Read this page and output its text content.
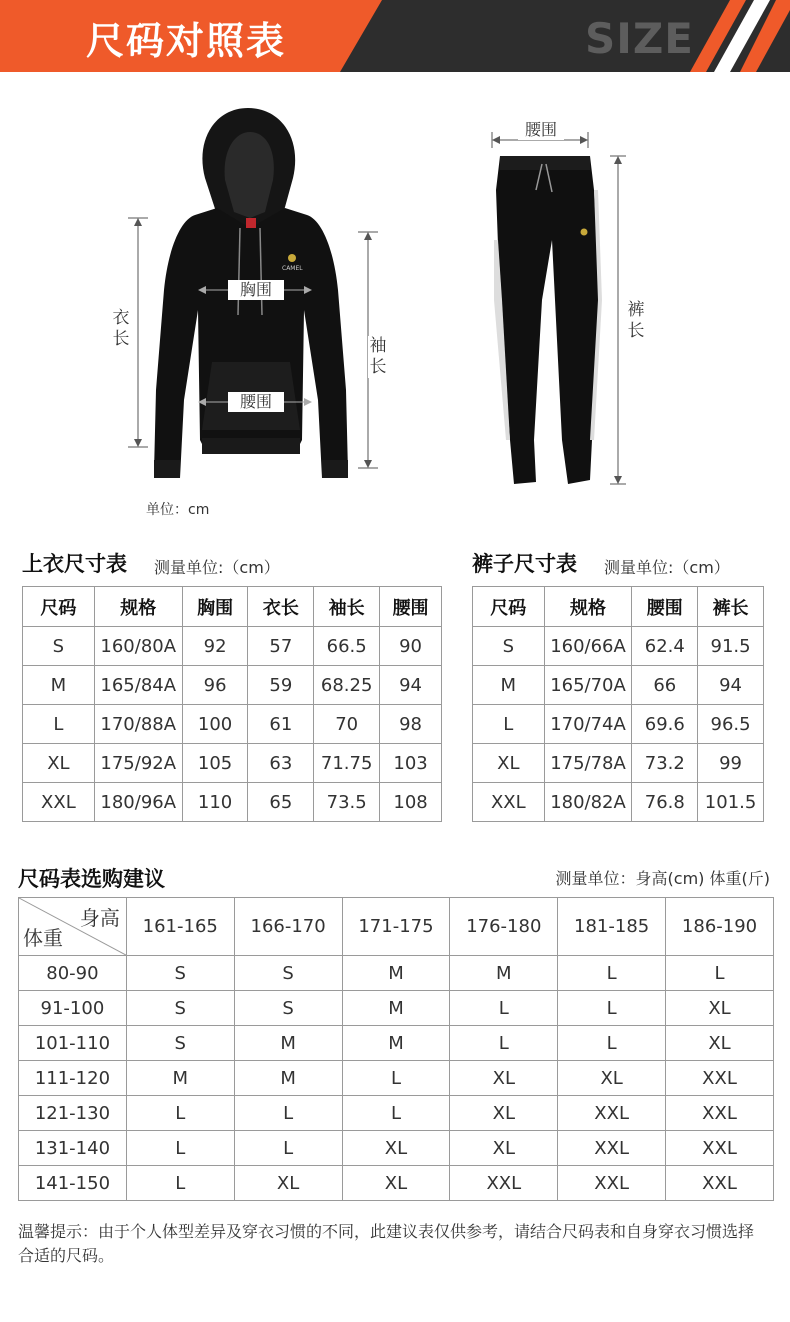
尺码对照表	SIZE
CAMEL
衣长	袖长
胸围
腰围
单位：cm
腰围
裤长
上衣尺寸表 测量单位:（cm）
尺码	规格	胸围	衣长	袖长	腰围
S	160/80A	92	57	66.5	90
M	165/84A	96	59	68.25	94
L	170/88A	100	61	70	98
XL	175/92A	105	63	71.75	103
XXL	180/96A	110	65	73.5	108
裤子尺寸表 测量单位:（cm）
尺码	规格	腰围	裤长
S	160/66A	62.4	91.5
M	165/70A	66	94
L	170/74A	69.6	96.5
XL	175/78A	73.2	99
XXL	180/82A	76.8	101.5
尺码表选购建议	测量单位：身高(cm) 体重(斤)
身高
体重	161-165	166-170	171-175	176-180	181-185	186-190
80-90	S	S	M	M	L	L
91-100	S	S	M	L	L	XL
101-110	S	M	M	L	L	XL
111-120	M	M	L	XL	XL	XXL
121-130	L	L	L	XL	XXL	XXL
131-140	L	L	XL	XL	XXL	XXL
141-150	L	XL	XL	XXL	XXL	XXL
温馨提示：由于个人体型差异及穿衣习惯的不同，此建议表仅供参考，请结合尺码表和自身穿衣习惯选择合适的尺码。
